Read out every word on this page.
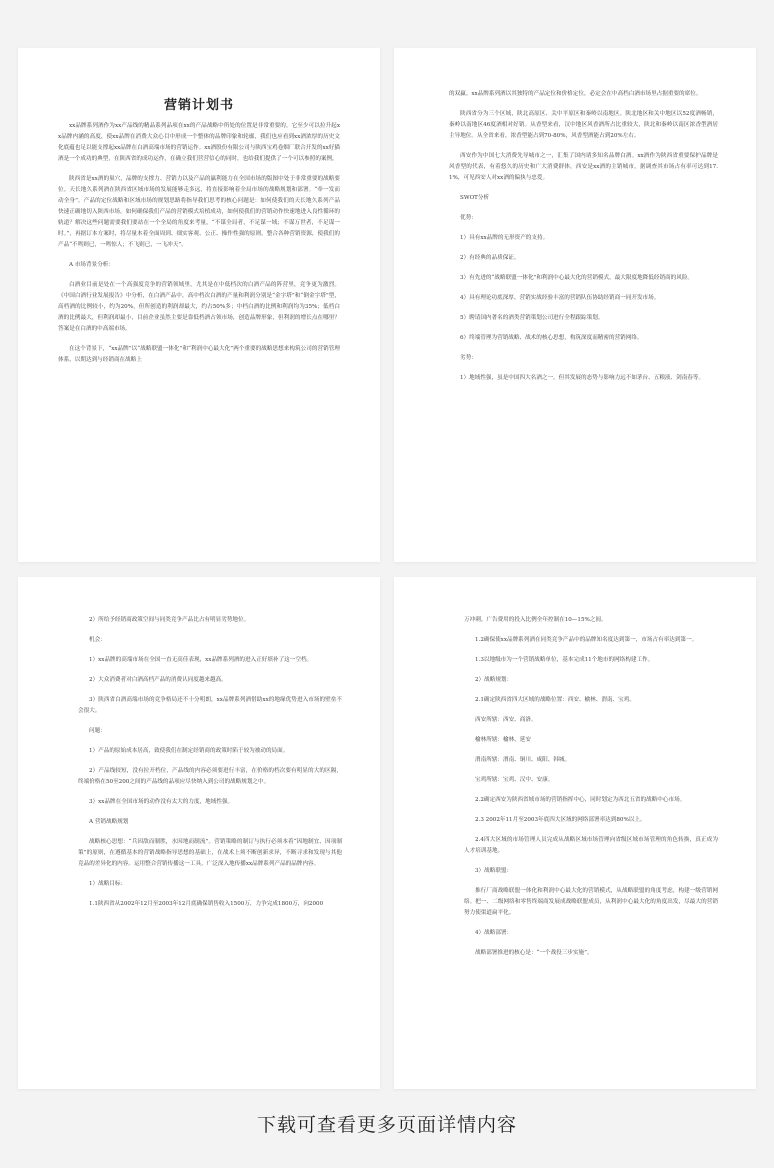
营销计划书

xx品牌系列酒作为xx产品线的精品系列品项在xx的产品战略中所处的位置是非常重要的，它至少可以拉升起xx品牌内涵的高度，使xx品牌在消费大众心目中形成一个整体的品牌印象和轮廓，我们也应看到xx酒浓厚的历史文化底蕴也足以能支撑起xx品牌在白酒高端市场的营销运作。xx酒股份有限公司与陕西宝鸡卷烟厂联合开发的xx好猫酒是一个成功的典型，在陕西省的成功运作，在确立我们营营信心的同时，也给我们提供了一个可以参照的案例。

陕西省是xx酒的巢穴，品牌的支撑力、营销力以及产品的赢利能力在全国市场的版图中处于非常重要的战略要位。天长地久系列酒在陕西省区域市场的发展能够走多远，将直接影响着全局市场的战略规划和部署。“牵一发而动全身”。产品的定位战略和区域市场的规划思路将指导我们思考的核心问题是：如何使我们的天长地久系列产品快速正确地切入陕西市场，如何确保我们产品的营销模式培植成功，如何使我们的营销动作快速地进入良性循环的轨道？解决这些问题需要我们要站在一个全局的角度来考量，“不谋全局者，不足谋一域；不谋万世者，不足谋一时。”，再据订本方案时，将尽量本着全面周到、细实客观、公正、操作性强的原则，整合各种营销资源，使我们的产品“不鸣则已，一鸣惊人；不飞则已，一飞冲天”。

A 市场背景分析：

白酒业目前是处在一个高强度竞争的营销领域里，尤其是在中低档次的白酒产品的阵营里，竞争更为激烈。《中国白酒行业发展报告》中分析，在白酒产品中，高中档次白酒的产量和利润分别是“金字塔”和“倒金字塔”型，高档酒的比例较小，约为20%，但所创造的利润却最大，约占50%多；中档白酒的比例和利润均为35%；低档白酒的比例最大，但利润却最小，目前企业虽然主要是靠低档酒占领市场，创造品牌形象，但利润的增长点在哪里？答案是在白酒的中高端市场。

在这个背景下，“xx品牌”以“战略联盟一体化”和“利润中心最大化”两个重要的战略思想来构筑公司的营销管理体系，以期达到与经销商在战略上

的双赢。xx品牌系列酒以其独特的产品定位和价格定位，必定会在中高档白酒市场里占据重要的席位。

陕西省分为三个区域，陕北高原区、关中平原区和秦岭以南地区。陕北地区和关中地区以52度酒畅销，秦岭以南地区46度酒相对好销。从香型来看，汉中地区风香酒所占比重较大，陕北和秦岭以南区浓香型酒居主导地位。从全省来看，浓香型能占到70-80%，风香型酒能占到20%左右。

西安作为中国七大消费先导城市之一，汇集了国内诸多知名品牌白酒。xx酒作为陕西省重要保护品牌是风香型的代表，有着悠久的历史和广大消费群体，西安是xx酒的主销城市，据调查其市场占有率可达到17.1%，可见西安人对xx酒的偏执与忠爱。

SWOT分析

优势：

1）具有xx品牌的无形资产的支持。

2）有经典的品质保证。

3）有先进的“战略联盟一体化”和利润中心最大化的营销模式，最大限度地降低经销商的风险。

4）具有理论功底深厚、营销实战经验丰富的营销队伍协助经销商一同开发市场。

5）聘请国内著名的酒类营销策划公司进行全程跟踪策划。

6）终端管理为营销战略、战术的核心思想，构筑深度而精密的营销网络。

劣势：

1）地域性强，虽是中国四大名酒之一，但其发展的态势与影响力远不如茅台、五粮液、剑南春等。

2）所给予经销商政策空间与同类竞争产品比占有明显劣势地位。

机会：

1）xx品牌的高端市场在全国一直无高佳表现，xx品牌系列酒的进入正好填补了这一空档。

2）大众消费者对白酒高档产品的消费认同度越来越高。

3）陕西省白酒高端市场的竞争格局还不十分明朗，xx品牌系列酒借助xx的地缘优势进入市场的壁垒不会很大。

问题：

1）产品的原始成本居高，致使我们在制定经销商的政策时陷于较为被动的局面。

2）产品线较短，没有拉开档位，产品线的内容必须要进行丰富，在价格的档次要有明显的大的区隔，终端价格在50至200之间的产品线的品项应尽快纳入到公司的战略规划之中。

3）xx品牌在全国市场的动作没有太大的力度，地域性强。

A 营销战略规划

战略核心思想：“兵因敌而制胜，水因地而制流”。营销策略的制订与执行必须本着“因地制宜、因项制策”的原则，在遵循基本的营销战略指导思想的基础上，在战术上须不断创新求异，不断寻求和发现与其他竞品的差异化的内容。运用整合营销传播这一工具，广泛深入地传播xx品牌系列产品的品牌内容。

1）战略目标：

1.1陕西省从2002年12月至2003年12月底确保销售收入1500万，力争完成1800万，向2000

万冲刺。广告费用的投入比例全年控制在10—15%之间。

1.2确保使xx品牌系列酒在同类竞争产品中的品牌知名度达到第一，市场占有率达到第一。

1.3以地级市为一个营销战略单位，基本完成11个地市的网络构建工作。

2）战略规划：

2.1确定陕西省四大区域的战略位置：西安、榆林、渭南、宝鸡。

西安所辖：西安、商洛。

榆林所辖：榆林、延安

渭南所辖：渭南、铜川、咸阳、韩城。

宝鸡所辖：宝鸡、汉中、安康。

2.2确定西安为陕西省域市场的营销指挥中心，同时划定为西北五省的战略中心市场。

2.3 2002年11月至2003年底四大区域的网络部署率达到80%以上。

2.4四大区域的市场管理人员完成从战略区域市场管理向省级区域市场管理的角色转换，真正成为人才培训基地。

3）战略联盟：

推行厂商战略联盟一体化和利润中心最大化的营销模式，从战略联盟的角度考虑，构建一级营销网络。把一、二级网络和零售终端商发展成战略联盟成员，从利润中心最大化的角度出发，尽最大的营销努力使渠道扁平化。

4）战略部署：

战略部署推进的核心是：“一个战役三步实施”。

下载可查看更多页面详情内容
